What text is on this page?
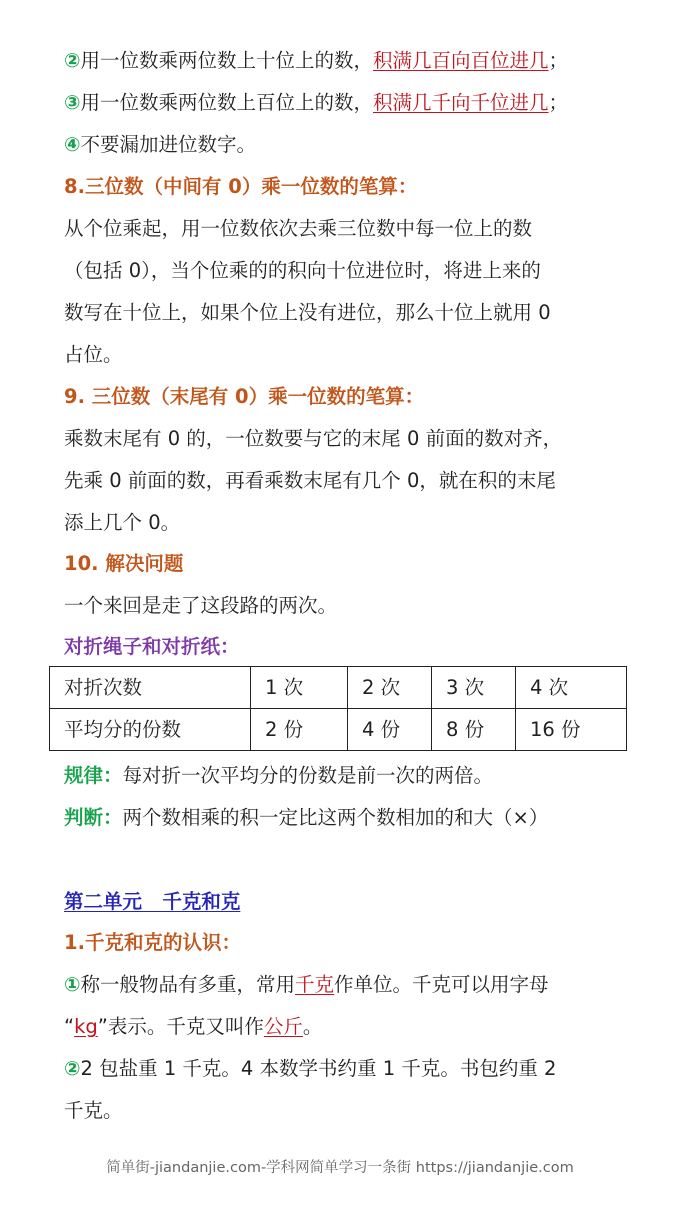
②用一位数乘两位数上十位上的数，积满几百向百位进几；
③用一位数乘两位数上百位上的数，积满几千向千位进几；
④不要漏加进位数字。
8.三位数（中间有 0）乘一位数的笔算：
从个位乘起，用一位数依次去乘三位数中每一位上的数
（包括 0），当个位乘的的积向十位进位时，将进上来的
数写在十位上，如果个位上没有进位，那么十位上就用 0
占位。
9. 三位数（末尾有 0）乘一位数的笔算：
乘数末尾有 0 的，一位数要与它的末尾 0 前面的数对齐，
先乘 0 前面的数，再看乘数末尾有几个 0，就在积的末尾
添上几个 0。
10. 解决问题
一个来回是走了这段路的两次。
对折绳子和对折纸：
对折次数	1 次	2 次	3 次	4 次
平均分的份数	2 份	4 份	8 份	16 份
规律：每对折一次平均分的份数是前一次的两倍。
判断：两个数相乘的积一定比这两个数相加的和大（×）
第二单元   千克和克
1.千克和克的认识：
①称一般物品有多重，常用千克作单位。千克可以用字母
“kg”表示。千克又叫作公斤。
②2 包盐重 1 千克。4 本数学书约重 1 千克。书包约重 2
千克。
简单街-jiandanjie.com-学科网简单学习一条街 https://jiandanjie.com
